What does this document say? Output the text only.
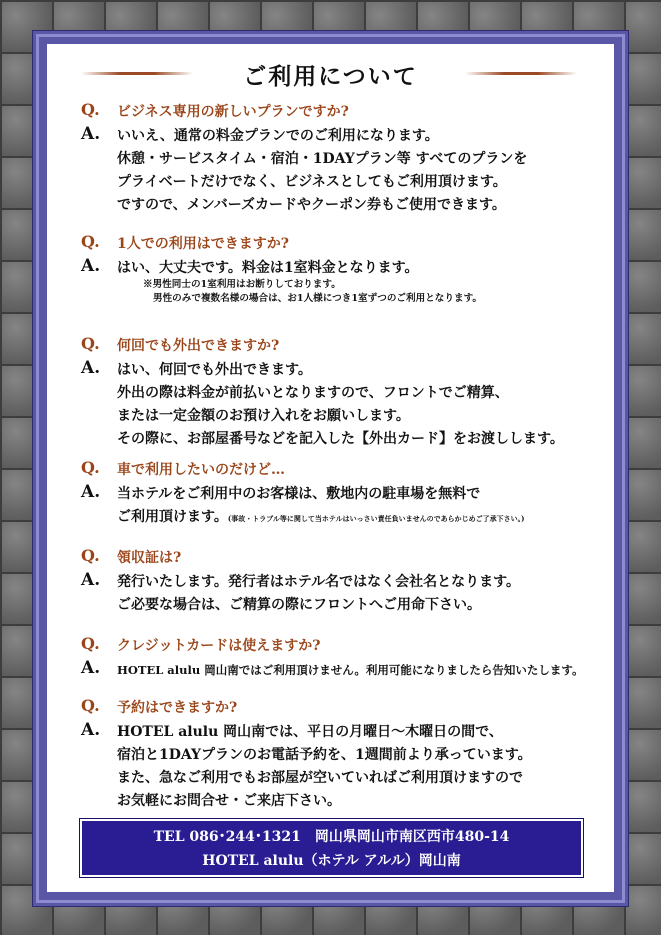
ご利用について
Q. ビジネス専用の新しいプランですか?
A. いいえ、通常の料金プランでのご利用になります。
休憩・サービスタイム・宿泊・1DAYプラン等 すべてのプランを
プライベートだけでなく、ビジネスとしてもご利用頂けます。
ですので、メンバーズカードやクーポン券もご使用できます。
Q. 1人での利用はできますか?
A. はい、大丈夫です。料金は1室料金となります。
※男性同士の1室利用はお断りしております。
男性のみで複数名様の場合は、お1人様につき1室ずつのご利用となります。
Q. 何回でも外出できますか?
A. はい、何回でも外出できます。
外出の際は料金が前払いとなりますので、フロントでご精算、
または一定金額のお預け入れをお願いします。
その際に、お部屋番号などを記入した【外出カード】をお渡しします。
Q. 車で利用したいのだけど…
A. 当ホテルをご利用中のお客様は、敷地内の駐車場を無料で
ご利用頂けます。(事故・トラブル等に関して当ホテルはいっさい責任負いませんのであらかじめご了承下さい。)
Q. 領収証は?
A. 発行いたします。発行者はホテル名ではなく会社名となります。
ご必要な場合は、ご精算の際にフロントへご用命下さい。
Q. クレジットカードは使えますか?
A. HOTEL alulu 岡山南ではご利用頂けません。利用可能になりましたら告知いたします。
Q. 予約はできますか?
A. HOTEL alulu 岡山南では、平日の月曜日～木曜日の間で、
宿泊と1DAYプランのお電話予約を、1週間前より承っています。
また、急なご利用でもお部屋が空いていればご利用頂けますので
お気軽にお問合せ・ご来店下さい。
TEL 086･244･1321　岡山県岡山市南区西市480-14
HOTEL alulu（ホテル アルル）岡山南
